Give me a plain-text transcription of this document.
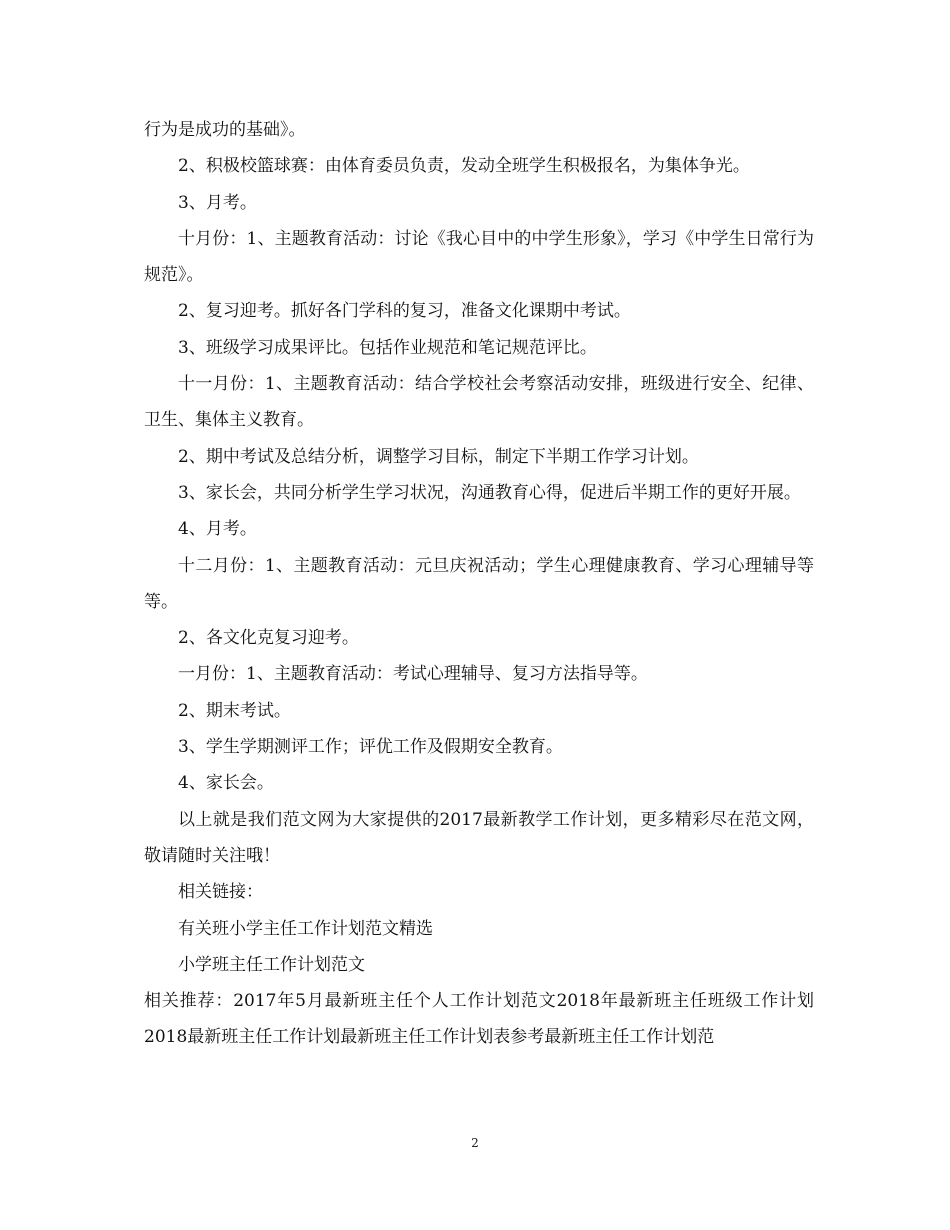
行为是成功的基础》。

2、积极校篮球赛：由体育委员负责，发动全班学生积极报名，为集体争光。

3、月考。

十月份：1、主题教育活动：讨论《我心目中的中学生形象》，学习《中学生日常行为规范》。

2、复习迎考。抓好各门学科的复习，准备文化课期中考试。

3、班级学习成果评比。包括作业规范和笔记规范评比。

十一月份：1、主题教育活动：结合学校社会考察活动安排，班级进行安全、纪律、卫生、集体主义教育。

2、期中考试及总结分析，调整学习目标，制定下半期工作学习计划。

3、家长会，共同分析学生学习状况，沟通教育心得，促进后半期工作的更好开展。

4、月考。

十二月份：1、主题教育活动：元旦庆祝活动；学生心理健康教育、学习心理辅导等等。

2、各文化克复习迎考。

一月份：1、主题教育活动：考试心理辅导、复习方法指导等。

2、期末考试。

3、学生学期测评工作；评优工作及假期安全教育。

4、家长会。

以上就是我们范文网为大家提供的2017最新教学工作计划，更多精彩尽在范文网，敬请随时关注哦！

相关链接：

有关班小学主任工作计划范文精选

小学班主任工作计划范文

相关推荐：2017年5月最新班主任个人工作计划范文2018年最新班主任班级工作计划2018最新班主任工作计划最新班主任工作计划表参考最新班主任工作计划范

2
